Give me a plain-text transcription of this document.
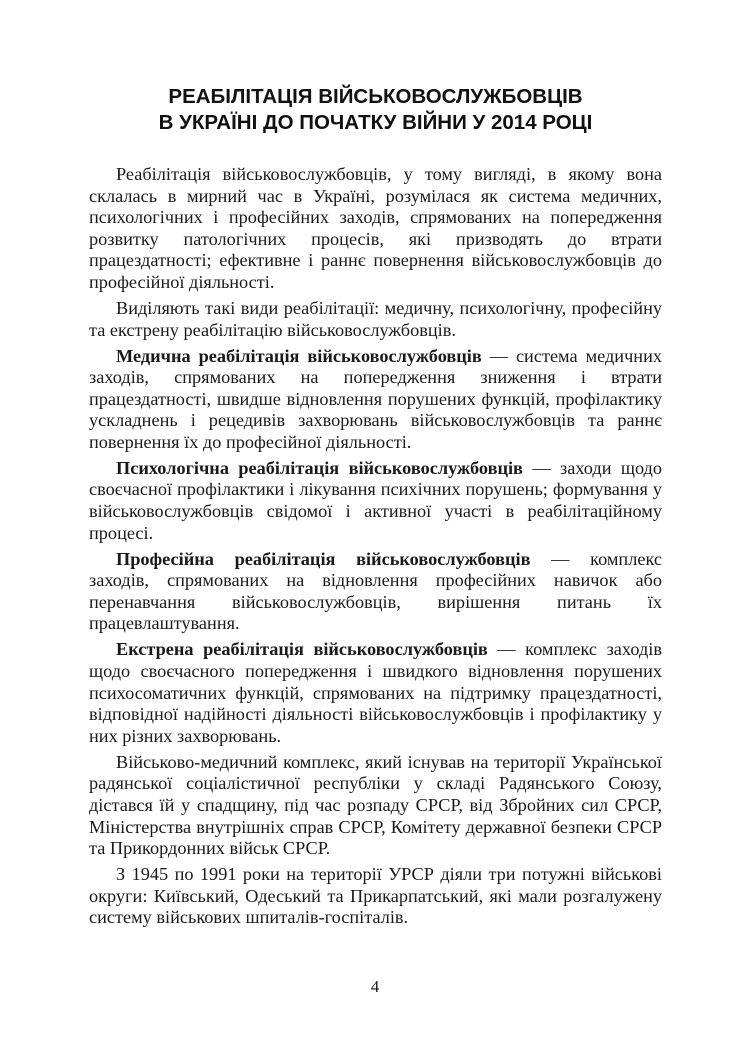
РЕАБІЛІТАЦІЯ ВІЙСЬКОВОСЛУЖБОВЦІВ
В УКРАЇНІ ДО ПОЧАТКУ ВІЙНИ У 2014 РОЦІ

Реабілітація військовослужбовців, у тому вигляді, в якому вона склалась в мирний час в Україні, розумілася як система медичних, психологічних і професійних заходів, спрямованих на попередження розвитку патологічних процесів, які призводять до втрати працездатності; ефективне і раннє повернення військовослужбовців до професійної діяльності.

Виділяють такі види реабілітації: медичну, психологічну, професійну та екстрену реабілітацію військовослужбовців.

Медична реабілітація військовослужбовців — система медичних заходів, спрямованих на попередження зниження і втрати працездатності, швидше відновлення порушених функцій, профілактику ускладнень і рецедивів захворювань військовослужбовців та раннє повернення їх до професійної діяльності.

Психологічна реабілітація військовослужбовців — заходи щодо своєчасної профілактики і лікування психічних порушень; формування у військовослужбовців свідомої і активної участі в реабілітаційному процесі.

Професійна реабілітація військовослужбовців — комплекс заходів, спрямованих на відновлення професійних навичок або перенавчання військовослужбовців, вирішення питань їх працевлаштування.

Екстрена реабілітація військовослужбовців — комплекс заходів щодо своєчасного попередження і швидкого відновлення порушених психосоматичних функцій, спрямованих на підтримку працездатності, відповідної надійності діяльності військовослужбовців і профілактику у них різних захворювань.

Військово-медичний комплекс, який існував на території Української радянської соціалістичної республіки у складі Радянського Союзу, дістався їй у спадщину, під час розпаду СРСР, від Збройних сил СРСР, Міністерства внутрішніх справ СРСР, Комітету державної безпеки СРСР та Прикордонних військ СРСР.

З 1945 по 1991 роки на території УРСР діяли три потужні військові округи: Київський, Одеський та Прикарпатський, які мали розгалужену систему військових шпиталів-госпіталів.

4
